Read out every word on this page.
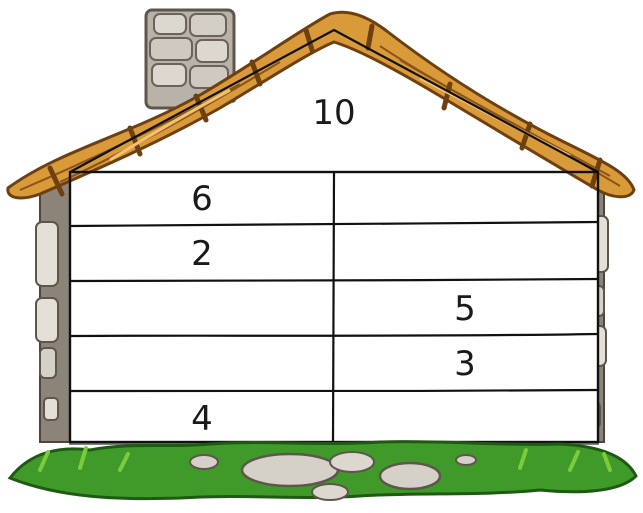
10
6
2
5
3
4
